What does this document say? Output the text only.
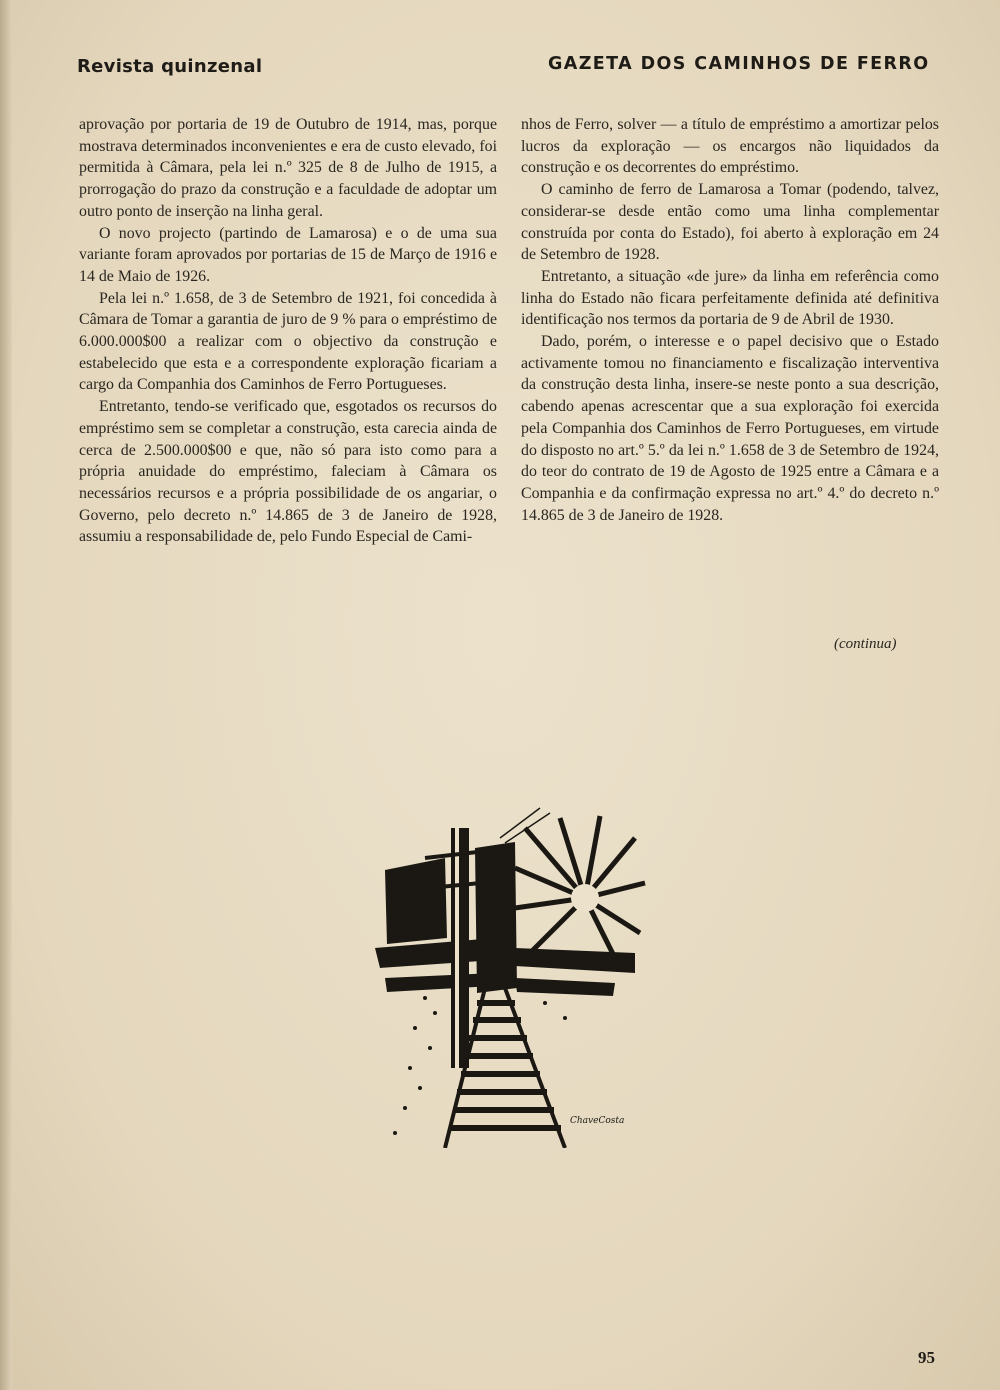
Revista quinzenal	GAZETA DOS CAMINHOS DE FERRO

aprovação por portaria de 19 de Outubro de 1914, mas, porque mostrava determinados inconvenientes e era de custo elevado, foi permitida à Câmara, pela lei n.º 325 de 8 de Julho de 1915, a prorrogação do prazo da construção e a faculdade de adoptar um outro ponto de inserção na linha geral.

O novo projecto (partindo de Lamarosa) e o de uma sua variante foram aprovados por portarias de 15 de Março de 1916 e 14 de Maio de 1926.

Pela lei n.º 1.658, de 3 de Setembro de 1921, foi concedida à Câmara de Tomar a garantia de juro de 9 % para o empréstimo de 6.000.000$00 a realizar com o objectivo da construção e estabelecido que esta e a correspondente exploração ficariam a cargo da Companhia dos Caminhos de Ferro Portugueses.

Entretanto, tendo-se verificado que, esgotados os recursos do empréstimo sem se completar a construção, esta carecia ainda de cerca de 2.500.000$00 e que, não só para isto como para a própria anuidade do empréstimo, faleciam à Câmara os necessários recursos e a própria possibilidade de os angariar, o Governo, pelo decreto n.º 14.865 de 3 de Janeiro de 1928, assumiu a responsabilidade de, pelo Fundo Especial de Cami-

nhos de Ferro, solver — a título de empréstimo a amortizar pelos lucros da exploração — os encargos não liquidados da construção e os decorrentes do empréstimo.

O caminho de ferro de Lamarosa a Tomar (podendo, talvez, considerar-se desde então como uma linha complementar construída por conta do Estado), foi aberto à exploração em 24 de Setembro de 1928.

Entretanto, a situação «de jure» da linha em referência como linha do Estado não ficara perfeitamente definida até definitiva identificação nos termos da portaria de 9 de Abril de 1930.

Dado, porém, o interesse e o papel decisivo que o Estado activamente tomou no financiamento e fiscalização interventiva da construção desta linha, insere-se neste ponto a sua descrição, cabendo apenas acrescentar que a sua exploração foi exercida pela Companhia dos Caminhos de Ferro Portugueses, em virtude do disposto no art.º 5.º da lei n.º 1.658 de 3 de Setembro de 1924, do teor do contrato de 19 de Agosto de 1925 entre a Câmara e a Companhia e da confirmação expressa no art.º 4.º do decreto n.º 14.865 de 3 de Janeiro de 1928.

(continua)
ChaveCosta
95
